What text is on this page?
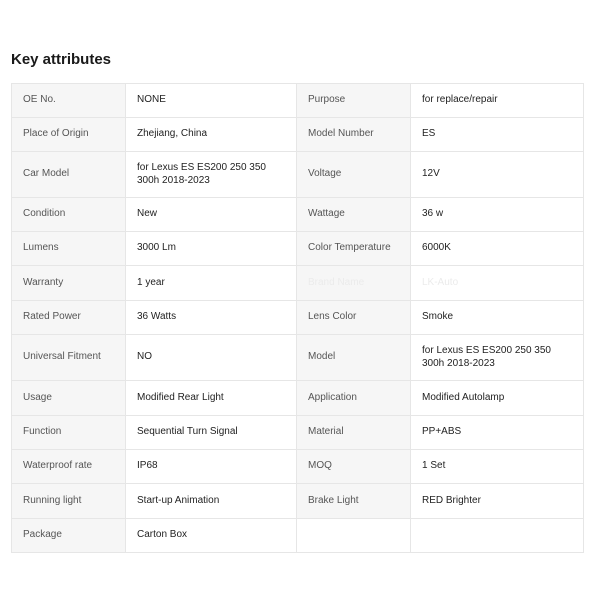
Key attributes
OE No.	NONE	Purpose	for replace/repair
Place of Origin	Zhejiang, China	Model Number	ES
Car Model	for Lexus ES ES200 250 350 300h 2018-2023	Voltage	12V
Condition	New	Wattage	36 w
Lumens	3000 Lm	Color Temperature	6000K
Warranty	1 year	Brand Name	LK-Auto
Rated Power	36 Watts	Lens Color	Smoke
Universal Fitment	NO	Model	for Lexus ES ES200 250 350 300h 2018-2023
Usage	Modified Rear Light	Application	Modified Autolamp
Function	Sequential Turn Signal	Material	PP+ABS
Waterproof rate	IP68	MOQ	1 Set
Running light	Start-up Animation	Brake Light	RED Brighter
Package	Carton Box		
